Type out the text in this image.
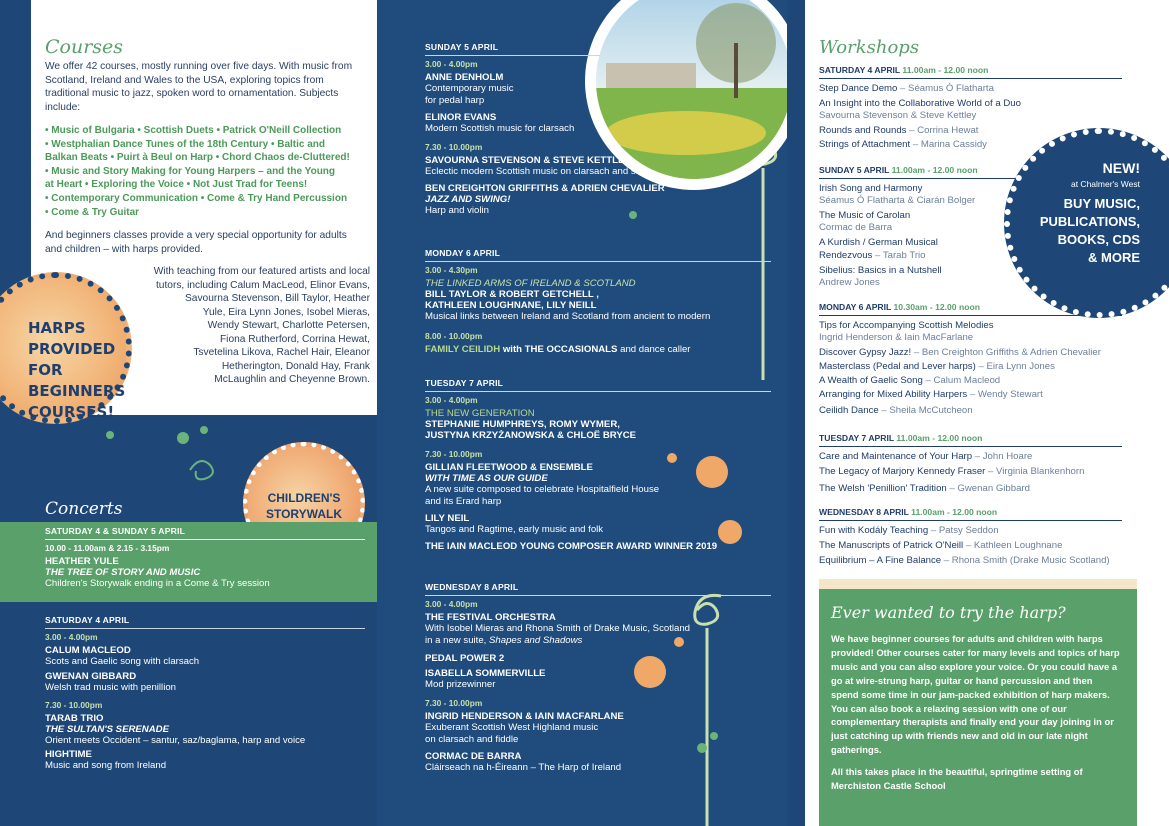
Courses
We offer 42 courses, mostly running over five days. With music from Scotland, Ireland and Wales to the USA, exploring topics from traditional music to jazz, spoken word to ornamentation. Subjects include:
• Music of Bulgaria • Scottish Duets • Patrick O'Neill Collection
• Westphalian Dance Tunes of the 18th Century • Baltic and
Balkan Beats • Puirt à Beul on Harp • Chord Chaos de-Cluttered!
• Music and Story Making for Young Harpers – and the Young
at Heart • Exploring the Voice • Not Just Trad for Teens!
• Contemporary Communication • Come & Try Hand Percussion
• Come & Try Guitar
And beginners classes provide a very special opportunity for adults and children – with harps provided.
With teaching from our featured artists and local
tutors, including Calum MacLeod, Elinor Evans,
Savourna Stevenson, Bill Taylor, Heather
Yule, Eira Lynn Jones, Isobel Mieras,
Wendy Stewart, Charlotte Petersen,
Fiona Rutherford, Corrina Hewat,
Tsvetelina Likova, Rachel Hair, Eleanor
Hetherington, Donald Hay, Frank
McLaughlin and Cheyenne Brown.
HARPS
PROVIDED
FOR
BEGINNERS
COURSES!
CHILDREN'S
STORYWALK
Concerts
SATURDAY 4 & SUNDAY 5 APRIL
10.00 - 11.00am & 2.15 - 3.15pm
HEATHER YULE
THE TREE OF STORY AND MUSIC
Children's Storywalk ending in a Come & Try session
SATURDAY 4 APRIL
3.00 - 4.00pm
CALUM MACLEOD
Scots and Gaelic song with clarsach
GWENAN GIBBARD
Welsh trad music with penillion
7.30 - 10.00pm
TARAB TRIO
THE SULTAN'S SERENADE
Orient meets Occident – santur, saz/baglama, harp and voice
HIGHTIME
Music and song from Ireland
SUNDAY 5 APRIL
3.00 - 4.00pm
ANNE DENHOLM
Contemporary music
for pedal harp
ELINOR EVANS
Modern Scottish music for clarsach
7.30 - 10.00pm
SAVOURNA STEVENSON & STEVE KETTLEY
Eclectic modern Scottish music on clarsach and sax
BEN CREIGHTON GRIFFITHS & ADRIEN CHEVALIER
JAZZ AND SWING!
Harp and violin
MONDAY 6 APRIL
3.00 - 4.30pm
THE LINKED ARMS OF IRELAND & SCOTLAND
BILL TAYLOR & ROBERT GETCHELL ,
KATHLEEN LOUGHNANE, LILY NEILL
Musical links between Ireland and Scotland from ancient to modern
8.00 - 10.00pm
FAMILY CEILIDH with THE OCCASIONALS and dance caller
TUESDAY 7 APRIL
3.00 - 4.00pm
THE NEW GENERATION
STEPHANIE HUMPHREYS, ROMY WYMER,
JUSTYNA KRZYŻANOWSKA & CHLOË BRYCE
7.30 - 10.00pm
GILLIAN FLEETWOOD & ENSEMBLE
WITH TIME AS OUR GUIDE
A new suite composed to celebrate Hospitalfield House
and its Erard harp
LILY NEIL
Tangos and Ragtime, early music and folk
THE IAIN MACLEOD YOUNG COMPOSER AWARD WINNER 2019
WEDNESDAY 8 APRIL
3.00 - 4.00pm
THE FESTIVAL ORCHESTRA
With Isobel Mieras and Rhona Smith of Drake Music, Scotland
in a new suite, Shapes and Shadows
PEDAL POWER 2
ISABELLA SOMMERVILLE
Mod prizewinner
7.30 - 10.00pm
INGRID HENDERSON & IAIN MACFARLANE
Exuberant Scottish West Highland music
on clarsach and fiddle
CORMAC DE BARRA
Cláirseach na h-Éireann – The Harp of Ireland
Workshops
SATURDAY 4 APRIL 11.00am - 12.00 noon
Step Dance Demo – Séamus Ó Flatharta
An Insight into the Collaborative World of a Duo
Savourna Stevenson & Steve Kettley
Rounds and Rounds – Corrina Hewat
Strings of Attachment – Marina Cassidy
SUNDAY 5 APRIL 11.00am - 12.00 noon
Irish Song and Harmony
Séamus Ó Flatharta & Ciarán Bolger
The Music of Carolan
Cormac de Barra
A Kurdish / German Musical
Rendezvous – Tarab Trio
Sibelius: Basics in a Nutshell
Andrew Jones
MONDAY 6 APRIL 10.30am - 12.00 noon
Tips for Accompanying Scottish Melodies
Ingrid Henderson & Iain MacFarlane
Discover Gypsy Jazz! – Ben Creighton Griffiths & Adrien Chevalier
Masterclass (Pedal and Lever harps) – Eira Lynn Jones
A Wealth of Gaelic Song – Calum Macleod
Arranging for Mixed Ability Harpers – Wendy Stewart
Ceilidh Dance – Sheila McCutcheon
TUESDAY 7 APRIL 11.00am - 12.00 noon
Care and Maintenance of Your Harp – John Hoare
The Legacy of Marjory Kennedy Fraser – Virginia Blankenhorn
The Welsh 'Penillion' Tradition – Gwenan Gibbard
WEDNESDAY 8 APRIL 11.00am - 12.00 noon
Fun with Kodály Teaching – Patsy Seddon
The Manuscripts of Patrick O'Neill – Kathleen Loughnane
Equilibrium – A Fine Balance – Rhona Smith (Drake Music Scotland)
NEW!
at Chalmer's West
BUY MUSIC,
PUBLICATIONS,
BOOKS, CDS
& MORE
Ever wanted to try the harp?
We have beginner courses for adults and children with harps provided! Other courses cater for many levels and topics of harp music and you can also explore your voice. Or you could have a go at wire-strung harp, guitar or hand percussion and then spend some time in our jam-packed exhibition of harp makers. You can also book a relaxing session with one of our complementary therapists and finally end your day joining in or just catching up with friends new and old in our late night gatherings.
All this takes place in the beautiful, springtime setting of Merchiston Castle School
